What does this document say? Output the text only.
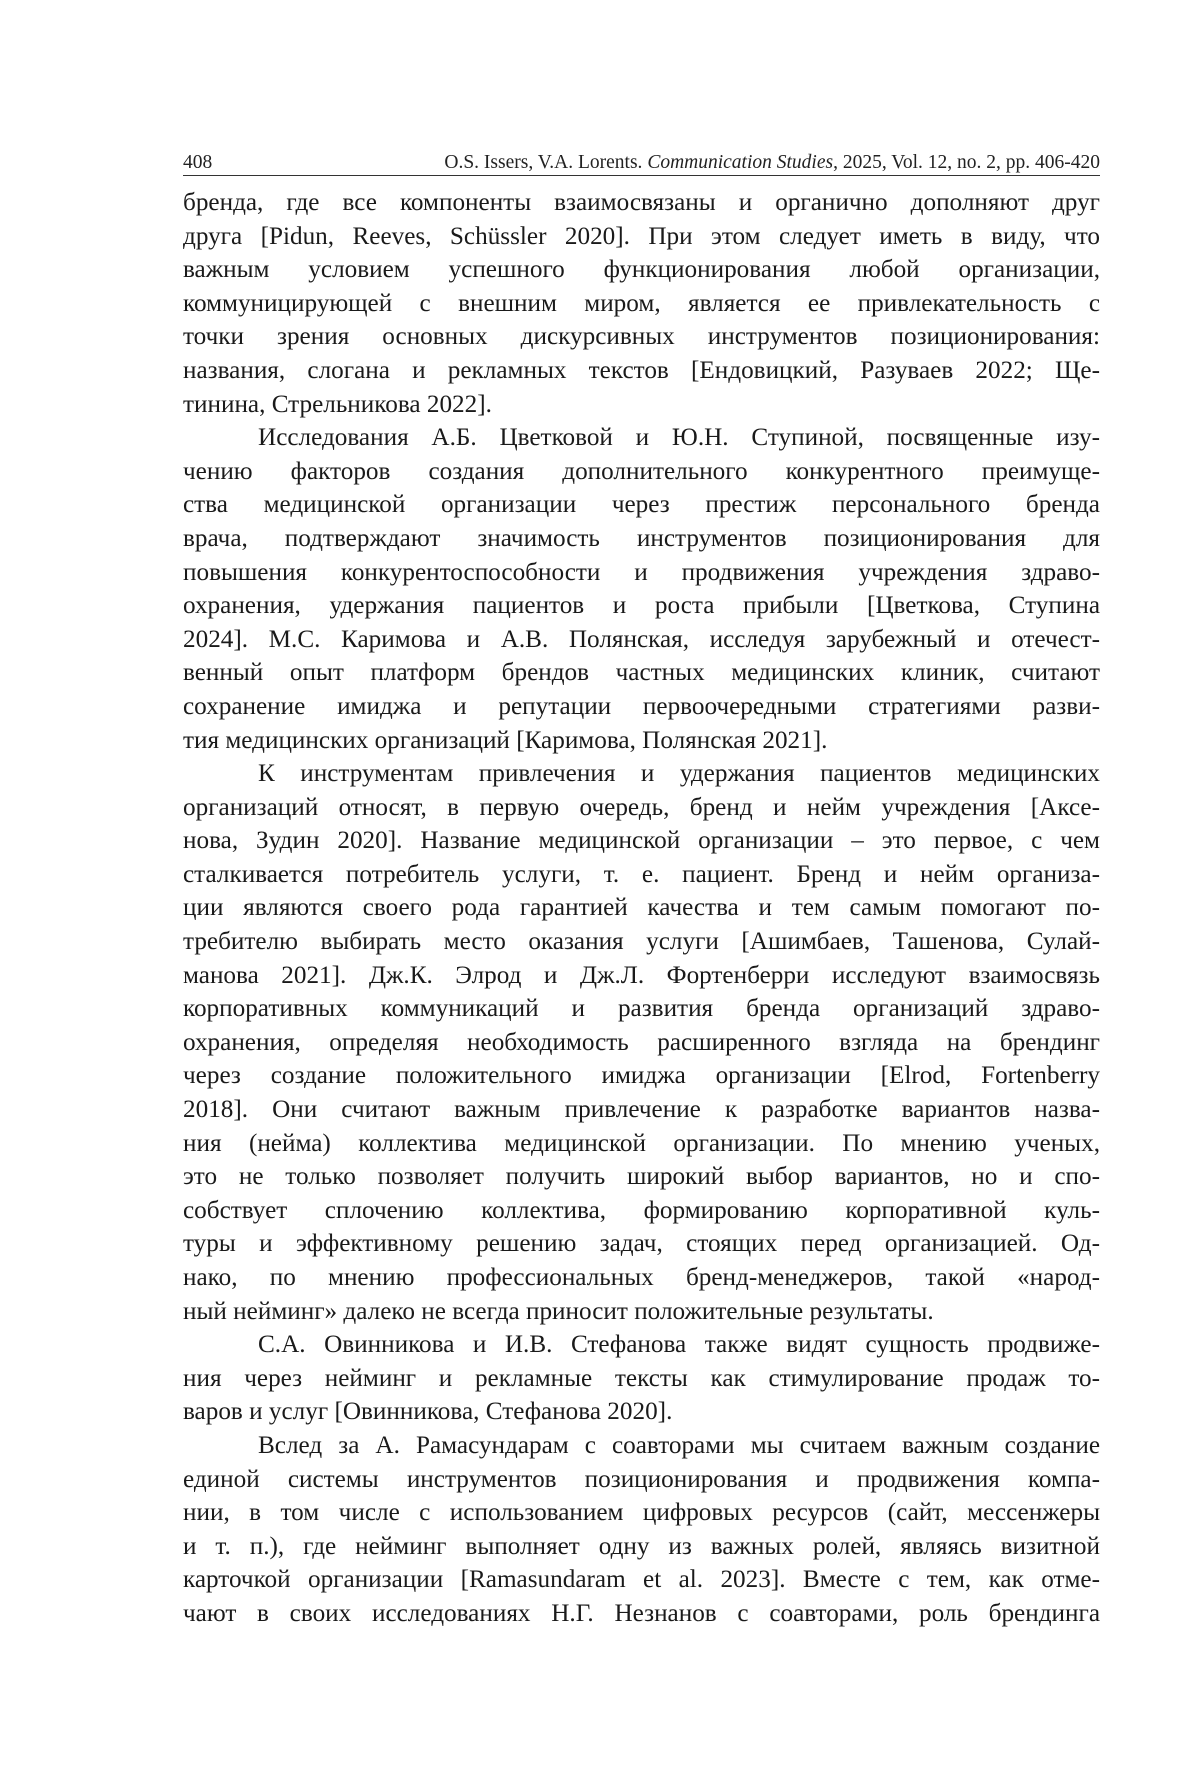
408	O.S. Issers, V.A. Lorents. Communication Studies, 2025, Vol. 12, no. 2, pp. 406-420
бренда, где все компоненты взаимосвязаны и органично дополняют друг
друга [Pidun, Reeves, Schüssler 2020]. При этом следует иметь в виду, что
важным условием успешного функционирования любой организации,
коммуницирующей с внешним миром, является ее привлекательность с
точки зрения основных дискурсивных инструментов позиционирования:
названия, слогана и рекламных текстов [Ендовицкий, Разуваев 2022; Ще-
тинина, Стрельникова 2022].
Исследования А.Б. Цветковой и Ю.Н. Ступиной, посвященные изу-
чению факторов создания дополнительного конкурентного преимуще-
ства медицинской организации через престиж персонального бренда
врача, подтверждают значимость инструментов позиционирования для
повышения конкурентоспособности и продвижения учреждения здраво-
охранения, удержания пациентов и роста прибыли [Цветкова, Ступина
2024]. М.С. Каримова и А.В. Полянская, исследуя зарубежный и отечест-
венный опыт платформ брендов частных медицинских клиник, считают
сохранение имиджа и репутации первоочередными стратегиями разви-
тия медицинских организаций [Каримова, Полянская 2021].
К инструментам привлечения и удержания пациентов медицинских
организаций относят, в первую очередь, бренд и нейм учреждения [Аксе-
нова, Зудин 2020]. Название медицинской организации – это первое, с чем
сталкивается потребитель услуги, т. е. пациент. Бренд и нейм организа-
ции являются своего рода гарантией качества и тем самым помогают по-
требителю выбирать место оказания услуги [Ашимбаев, Ташенова, Сулай-
манова 2021]. Дж.К. Элрод и Дж.Л. Фортенберри исследуют взаимосвязь
корпоративных коммуникаций и развития бренда организаций здраво-
охранения, определяя необходимость расширенного взгляда на брендинг
через создание положительного имиджа организации [Elrod, Fortenberry
2018]. Они считают важным привлечение к разработке вариантов назва-
ния (нейма) коллектива медицинской организации. По мнению ученых,
это не только позволяет получить широкий выбор вариантов, но и спо-
собствует сплочению коллектива, формированию корпоративной куль-
туры и эффективному решению задач, стоящих перед организацией. Од-
нако, по мнению профессиональных бренд-менеджеров, такой «народ-
ный нейминг» далеко не всегда приносит положительные результаты.
С.А. Овинникова и И.В. Стефанова также видят сущность продвиже-
ния через нейминг и рекламные тексты как стимулирование продаж то-
варов и услуг [Овинникова, Стефанова 2020].
Вслед за А. Рамасундарам с соавторами мы считаем важным создание
единой системы инструментов позиционирования и продвижения компа-
нии, в том числе с использованием цифровых ресурсов (сайт, мессенжеры
и т. п.), где нейминг выполняет одну из важных ролей, являясь визитной
карточкой организации [Ramasundaram et al. 2023]. Вместе с тем, как отме-
чают в своих исследованиях Н.Г. Незнанов с соавторами, роль брендинга
